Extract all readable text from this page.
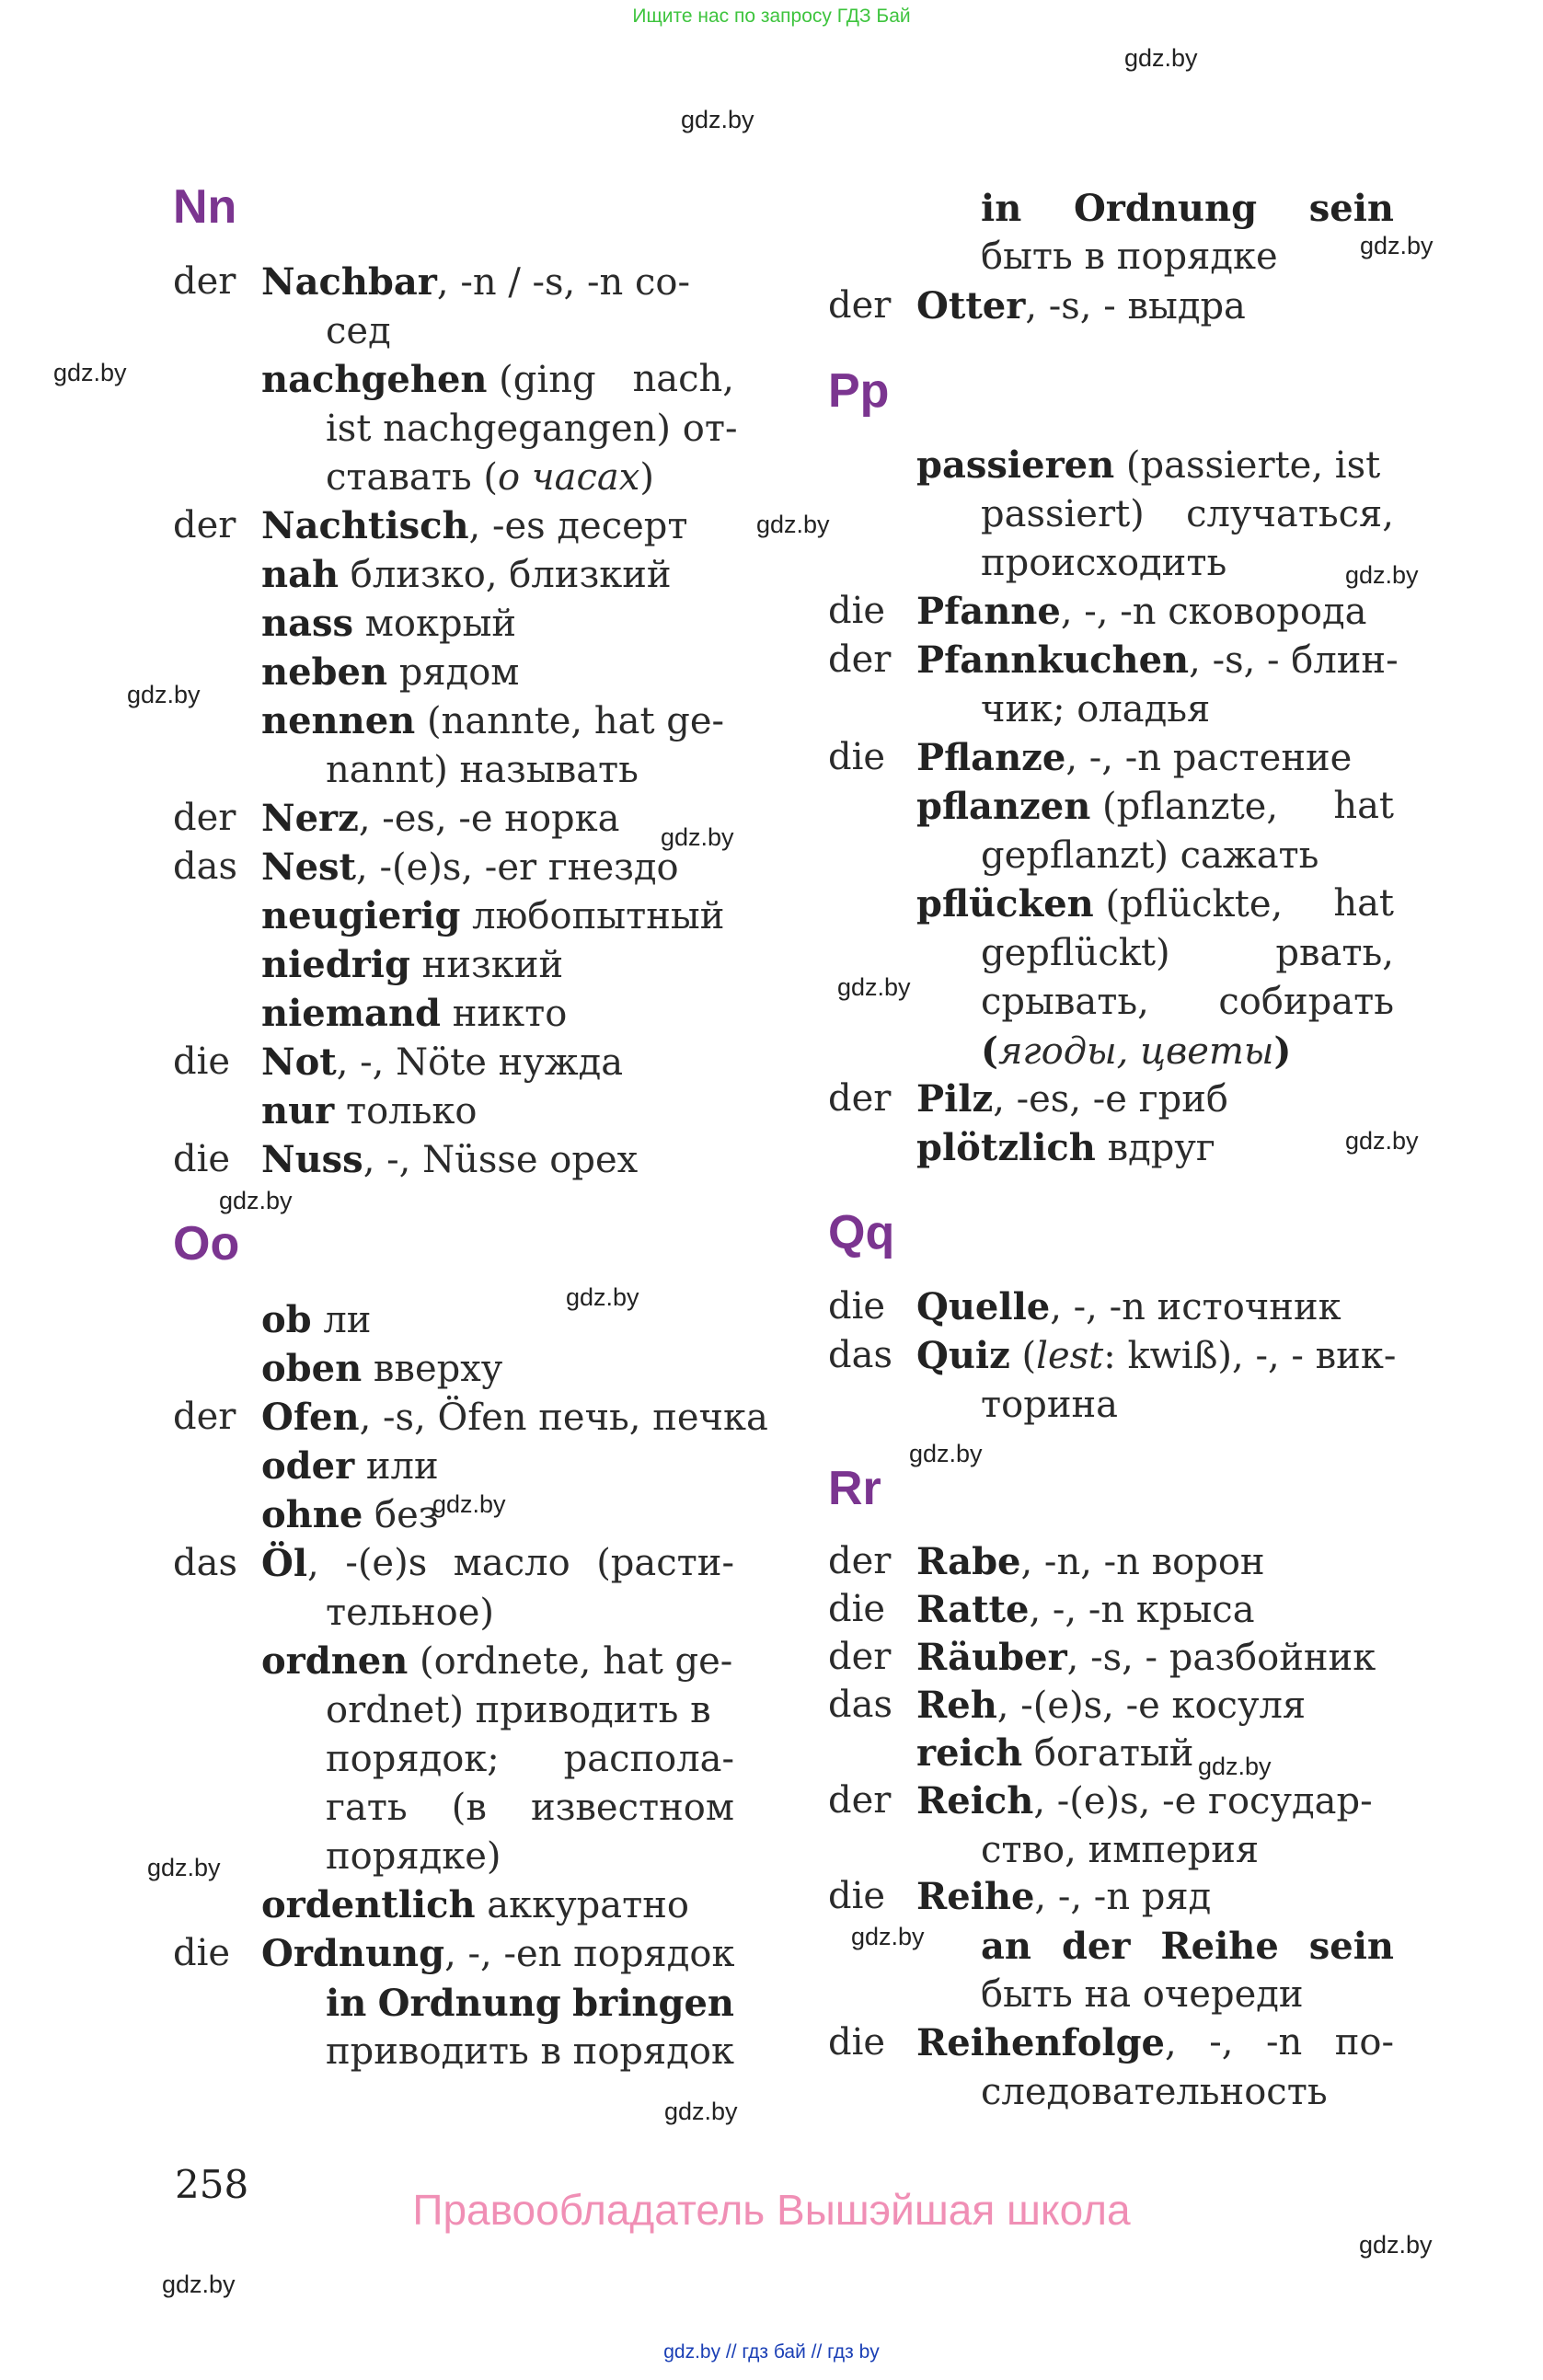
Ищите нас по запросу ГДЗ Бай
gdz.by
gdz.by
gdz.by
gdz.by
gdz.by
gdz.by
gdz.by
gdz.by
gdz.by
gdz.by
gdz.by
gdz.by
gdz.by
gdz.by
gdz.by
gdz.by
gdz.by
gdz.by
gdz.by
gdz.by
Nn
der Nachbar, -n / -s, -n со-
сед
nachgehen (ging nach,
ist nachgegangen) от-
ставать (о часах)
der Nachtisch, -es десерт
nah близко, близкий
nass мокрый
neben рядом
nennen (nannte, hat ge-
nannt) называть
der Nerz, -es, -e норка
das Nest, -(e)s, -er гнездо
neugierig любопытный
niedrig низкий
niemand никто
die Not, -, Nöte нужда
nur только
die Nuss, -, Nüsse орех
Oo
ob ли
oben вверху
der Ofen, -s, Öfen печь, печка
oder или
ohne без
das Öl, -(e)s масло (расти-
тельное)
ordnen (ordnete, hat ge-
ordnet) приводить в
порядок; распола-
гать (в известном
порядке)
ordentlich аккуратно
die Ordnung, -, -en порядок
in Ordnung bringen
приводить в порядок
in Ordnung sein
быть в порядке
der Otter, -s, - выдра
Pp
passieren (passierte, ist
passiert) случаться,
происходить
die Pfanne, -, -n сковорода
der Pfannkuchen, -s, - блин-
чик; оладья
die Pflanze, -, -n растение
pflanzen (pflanzte, hat
gepflanzt) сажать
pflücken (pflückte, hat
gepflückt)	рвать,
срывать, собирать
(ягоды, цветы)
der Pilz, -es, -e гриб
plötzlich вдруг
Qq
die Quelle, -, -n источник
das Quiz (lest: kwiß), -, - вик-
торина
Rr
der Rabe, -n, -n ворон
die Ratte, -, -n крыса
der Räuber, -s, - разбойник
das Reh, -(e)s, -e косуля
reich богатый
der Reich, -(e)s, -e государ-
ство, империя
die Reihe, -, -n ряд
an der Reihe sein
быть на очереди
die Reihenfolge, -, -n по-
следовательность
258
Правообладатель Вышэйшая школа
gdz.by // гдз бай // гдз by
